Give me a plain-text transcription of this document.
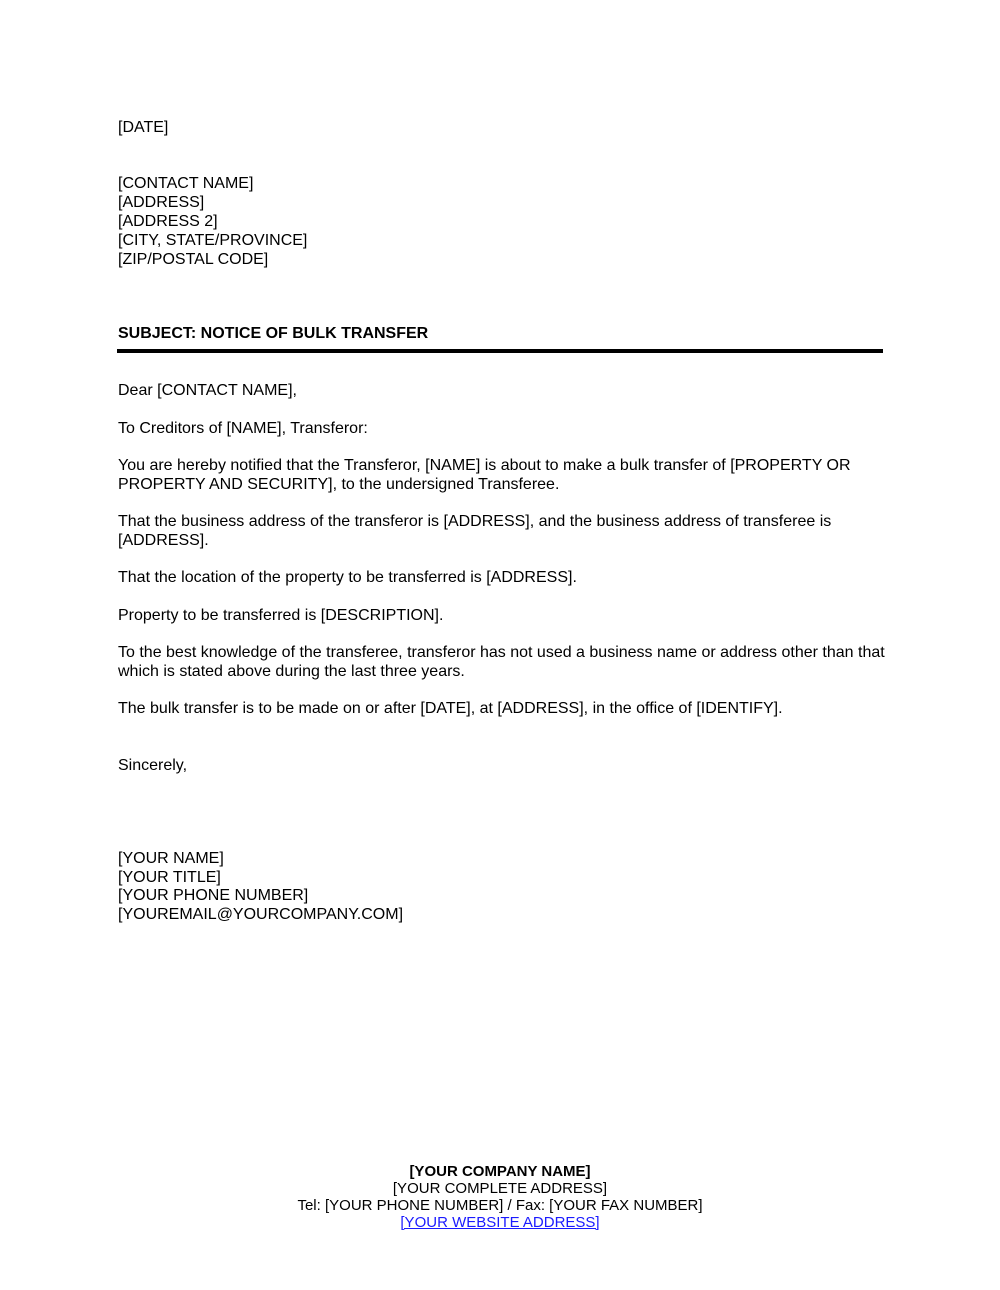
[DATE]
[CONTACT NAME]
[ADDRESS]
[ADDRESS 2]
[CITY, STATE/PROVINCE]
[ZIP/POSTAL CODE]
SUBJECT: NOTICE OF BULK TRANSFER
Dear [CONTACT NAME],
To Creditors of [NAME], Transferor:
You are hereby notified that the Transferor, [NAME] is about to make a bulk transfer of [PROPERTY OR PROPERTY AND SECURITY], to the undersigned Transferee.
That the business address of the transferor is [ADDRESS], and the business address of transferee is [ADDRESS].
That the location of the property to be transferred is [ADDRESS].
Property to be transferred is [DESCRIPTION].
To the best knowledge of the transferee, transferor has not used a business name or address other than that which is stated above during the last three years.
The bulk transfer is to be made on or after [DATE], at [ADDRESS], in the office of [IDENTIFY].
Sincerely,
[YOUR NAME]
[YOUR TITLE]
[YOUR PHONE NUMBER]
[YOUREMAIL@YOURCOMPANY.COM]
[YOUR COMPANY NAME]
[YOUR COMPLETE ADDRESS]
Tel: [YOUR PHONE NUMBER] / Fax: [YOUR FAX NUMBER]
[YOUR WEBSITE ADDRESS]
